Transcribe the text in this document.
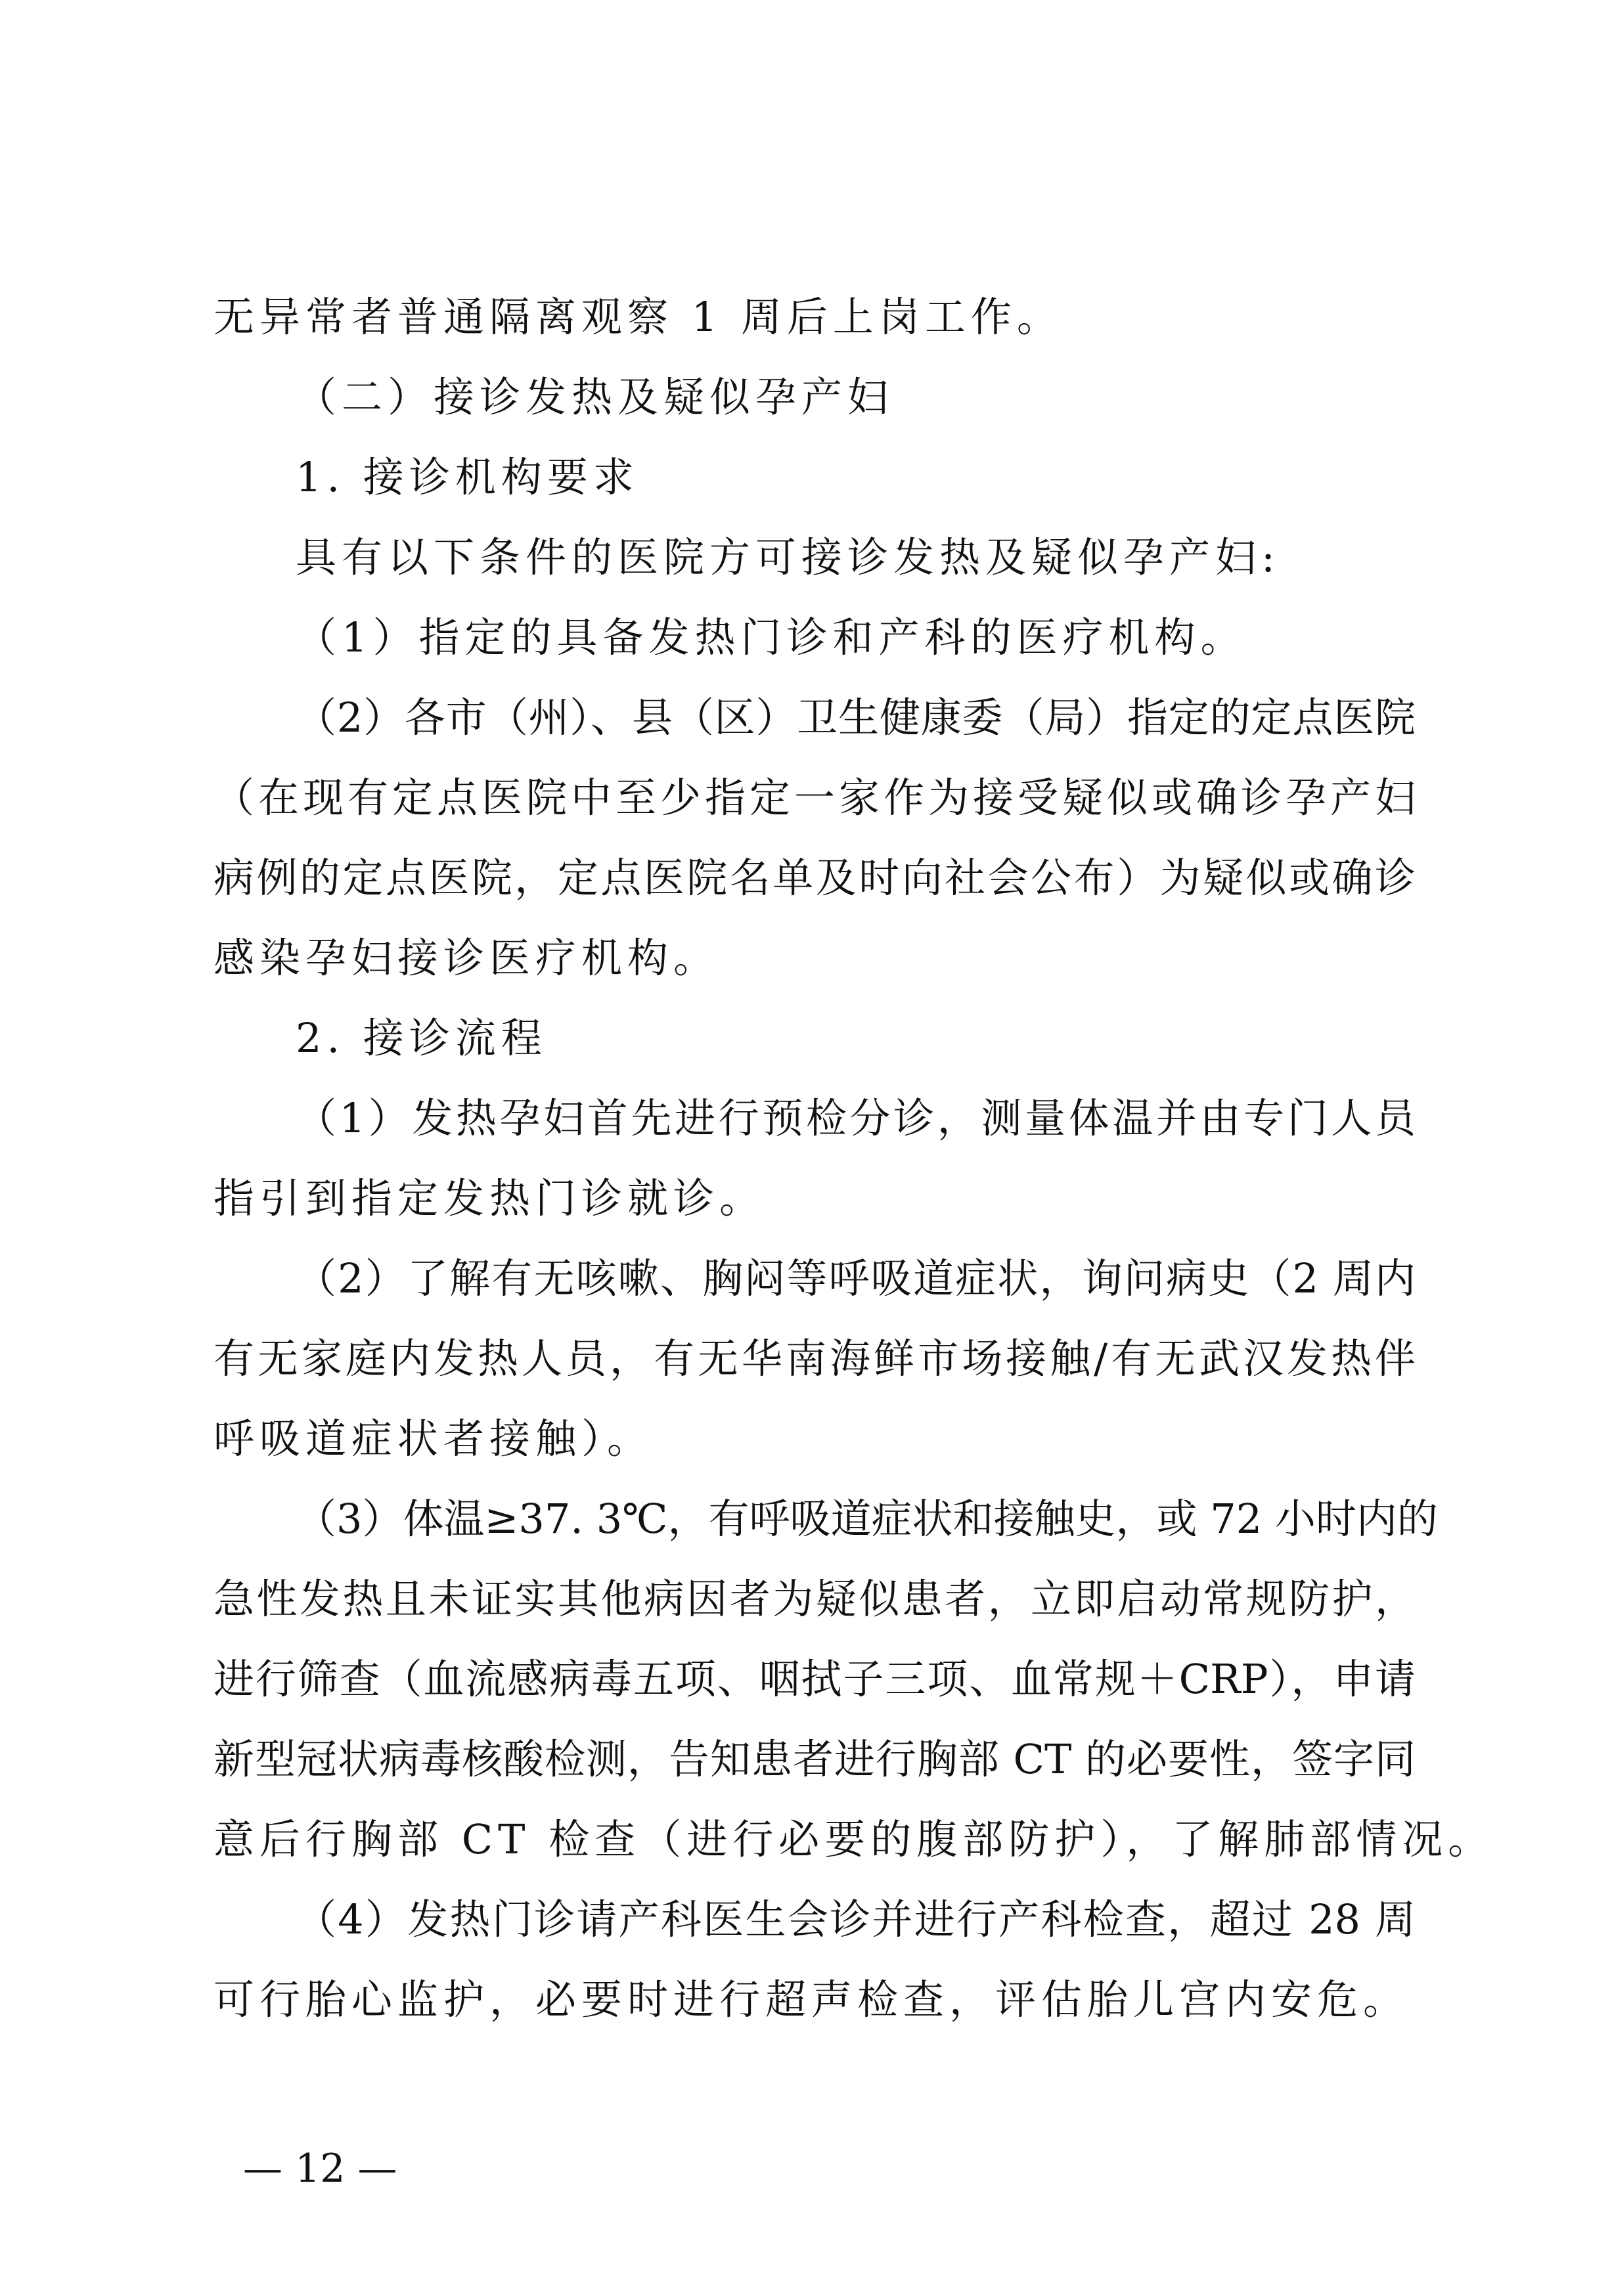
无异常者普通隔离观察 1 周后上岗工作。

（二）接诊发热及疑似孕产妇

1. 接诊机构要求

具有以下条件的医院方可接诊发热及疑似孕产妇:

（1）指定的具备发热门诊和产科的医疗机构。

（2）各市（州）、县（区）卫生健康委（局）指定的定点医院

（在现有定点医院中至少指定一家作为接受疑似或确诊孕产妇

病例的定点医院，定点医院名单及时向社会公布）为疑似或确诊

感染孕妇接诊医疗机构。

2. 接诊流程

（1）发热孕妇首先进行预检分诊，测量体温并由专门人员

指引到指定发热门诊就诊。

（2）了解有无咳嗽、胸闷等呼吸道症状，询问病史（2 周内

有无家庭内发热人员，有无华南海鲜市场接触/有无武汉发热伴

呼吸道症状者接触）。

（3）体温≥37. 3℃，有呼吸道症状和接触史，或 72 小时内的

急性发热且未证实其他病因者为疑似患者，立即启动常规防护，

进行筛查（血流感病毒五项、咽拭子三项、血常规＋CRP），申请

新型冠状病毒核酸检测，告知患者进行胸部 CT 的必要性，签字同

意后行胸部 CT 检查（进行必要的腹部防护），了解肺部情况。

（4）发热门诊请产科医生会诊并进行产科检查，超过 28 周

可行胎心监护，必要时进行超声检查，评估胎儿宫内安危。

— 12 —
